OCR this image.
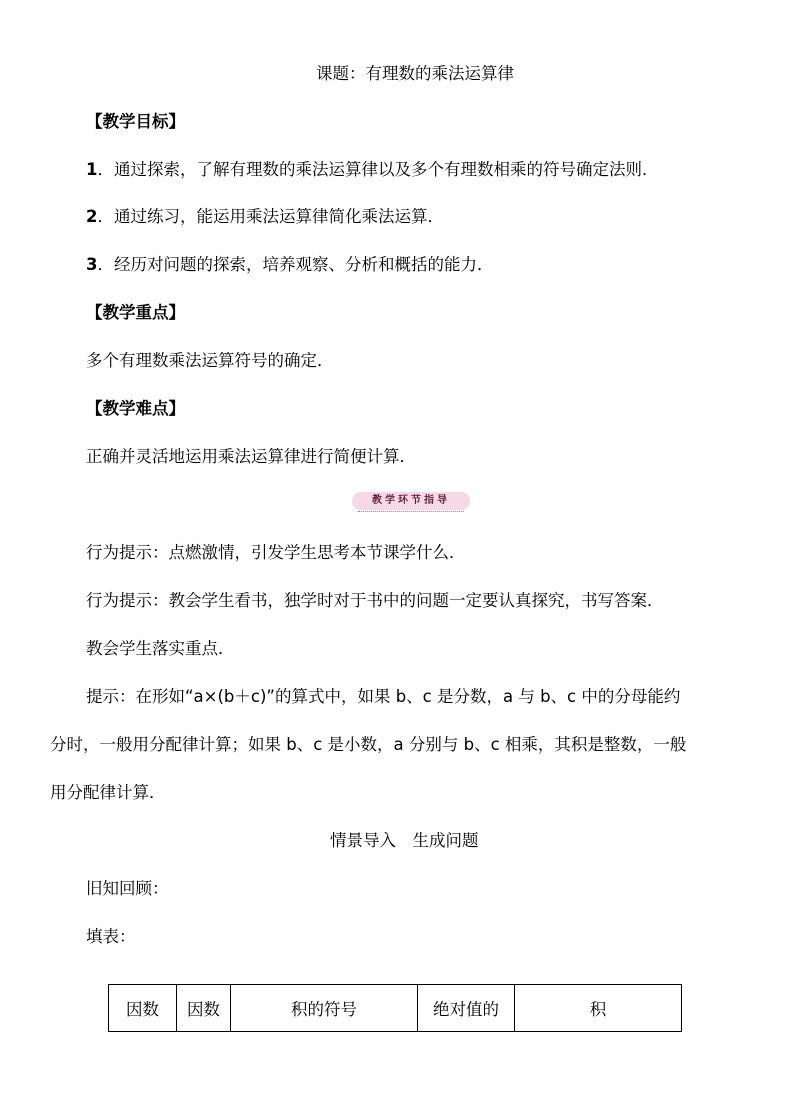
课题：有理数的乘法运算律
【教学目标】
1．通过探索，了解有理数的乘法运算律以及多个有理数相乘的符号确定法则．
2．通过练习，能运用乘法运算律简化乘法运算．
3．经历对问题的探索，培养观察、分析和概括的能力．
【教学重点】
多个有理数乘法运算符号的确定．
【教学难点】
正确并灵活地运用乘法运算律进行简便计算．
教学环节指导
行为提示：点燃激情，引发学生思考本节课学什么．
行为提示：教会学生看书，独学时对于书中的问题一定要认真探究，书写答案．
教会学生落实重点．
提示：在形如“a×(b＋c)”的算式中，如果 b、c 是分数，a 与 b、c 中的分母能约
分时，一般用分配律计算；如果 b、c 是小数，a 分别与 b、c 相乘，其积是整数，一般
用分配律计算．
情景导入　生成问题
旧知回顾：
填表：
因数	因数	积的符号	绝对值的	积
